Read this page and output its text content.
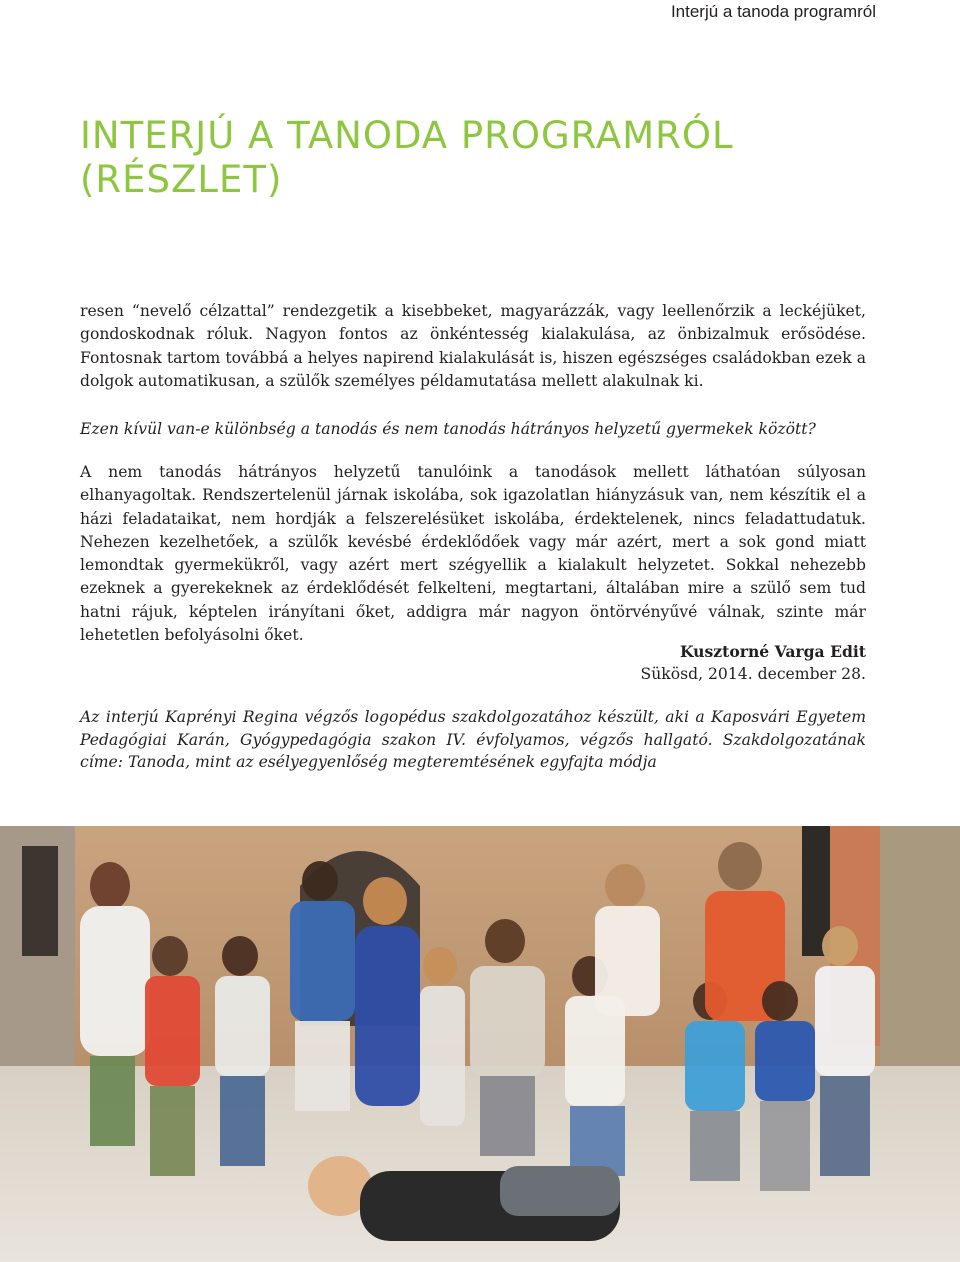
Interjú a tanoda programról
INTERJÚ A TANODA PROGRAMRÓL
(RÉSZLET)

resen “nevelő célzattal” rendezgetik a kisebbeket, magyarázzák, vagy leellenőrzik a leckéjüket, gondoskodnak róluk. Nagyon fontos az önkéntesség kialakulása, az önbizalmuk erősödése. Fontosnak tartom továbbá a helyes napirend kialakulását is, hiszen egészséges családokban ezek a dolgok automatikusan, a szülők személyes példamutatása mellett alakulnak ki.

Ezen kívül van-e különbség a tanodás és nem tanodás hátrányos helyzetű gyermekek között?

A nem tanodás hátrányos helyzetű tanulóink a tanodások mellett láthatóan súlyosan elhanyagoltak. Rendszertelenül járnak iskolába, sok igazolatlan hiányzásuk van, nem készítik el a házi feladataikat, nem hordják a felszerelésüket iskolába, érdektelenek, nincs feladattudatuk. Nehezen kezelhetőek, a szülők kevésbé érdeklődőek vagy már azért, mert a sok gond miatt lemondtak gyermekükről, vagy azért mert szégyellik a kialakult helyzetet. Sokkal nehezebb ezeknek a gyerekeknek az érdeklődését felkelteni, megtartani, általában mire a szülő sem tud hatni rájuk, képtelen irányítani őket, addigra már nagyon öntörvényűvé válnak, szinte már lehetetlen befolyásolni őket.

Kusztorné Varga Edit
Sükösd, 2014. december 28.

Az interjú Kaprényi Regina végzős logopédus szakdolgozatához készült, aki a Kaposvári Egyetem Pedagógiai Karán, Gyógypedagógia szakon IV. évfolyamos, végzős hallgató. Szakdolgozatának címe: Tanoda, mint az esélyegyenlőség megteremtésének egyfajta módja
